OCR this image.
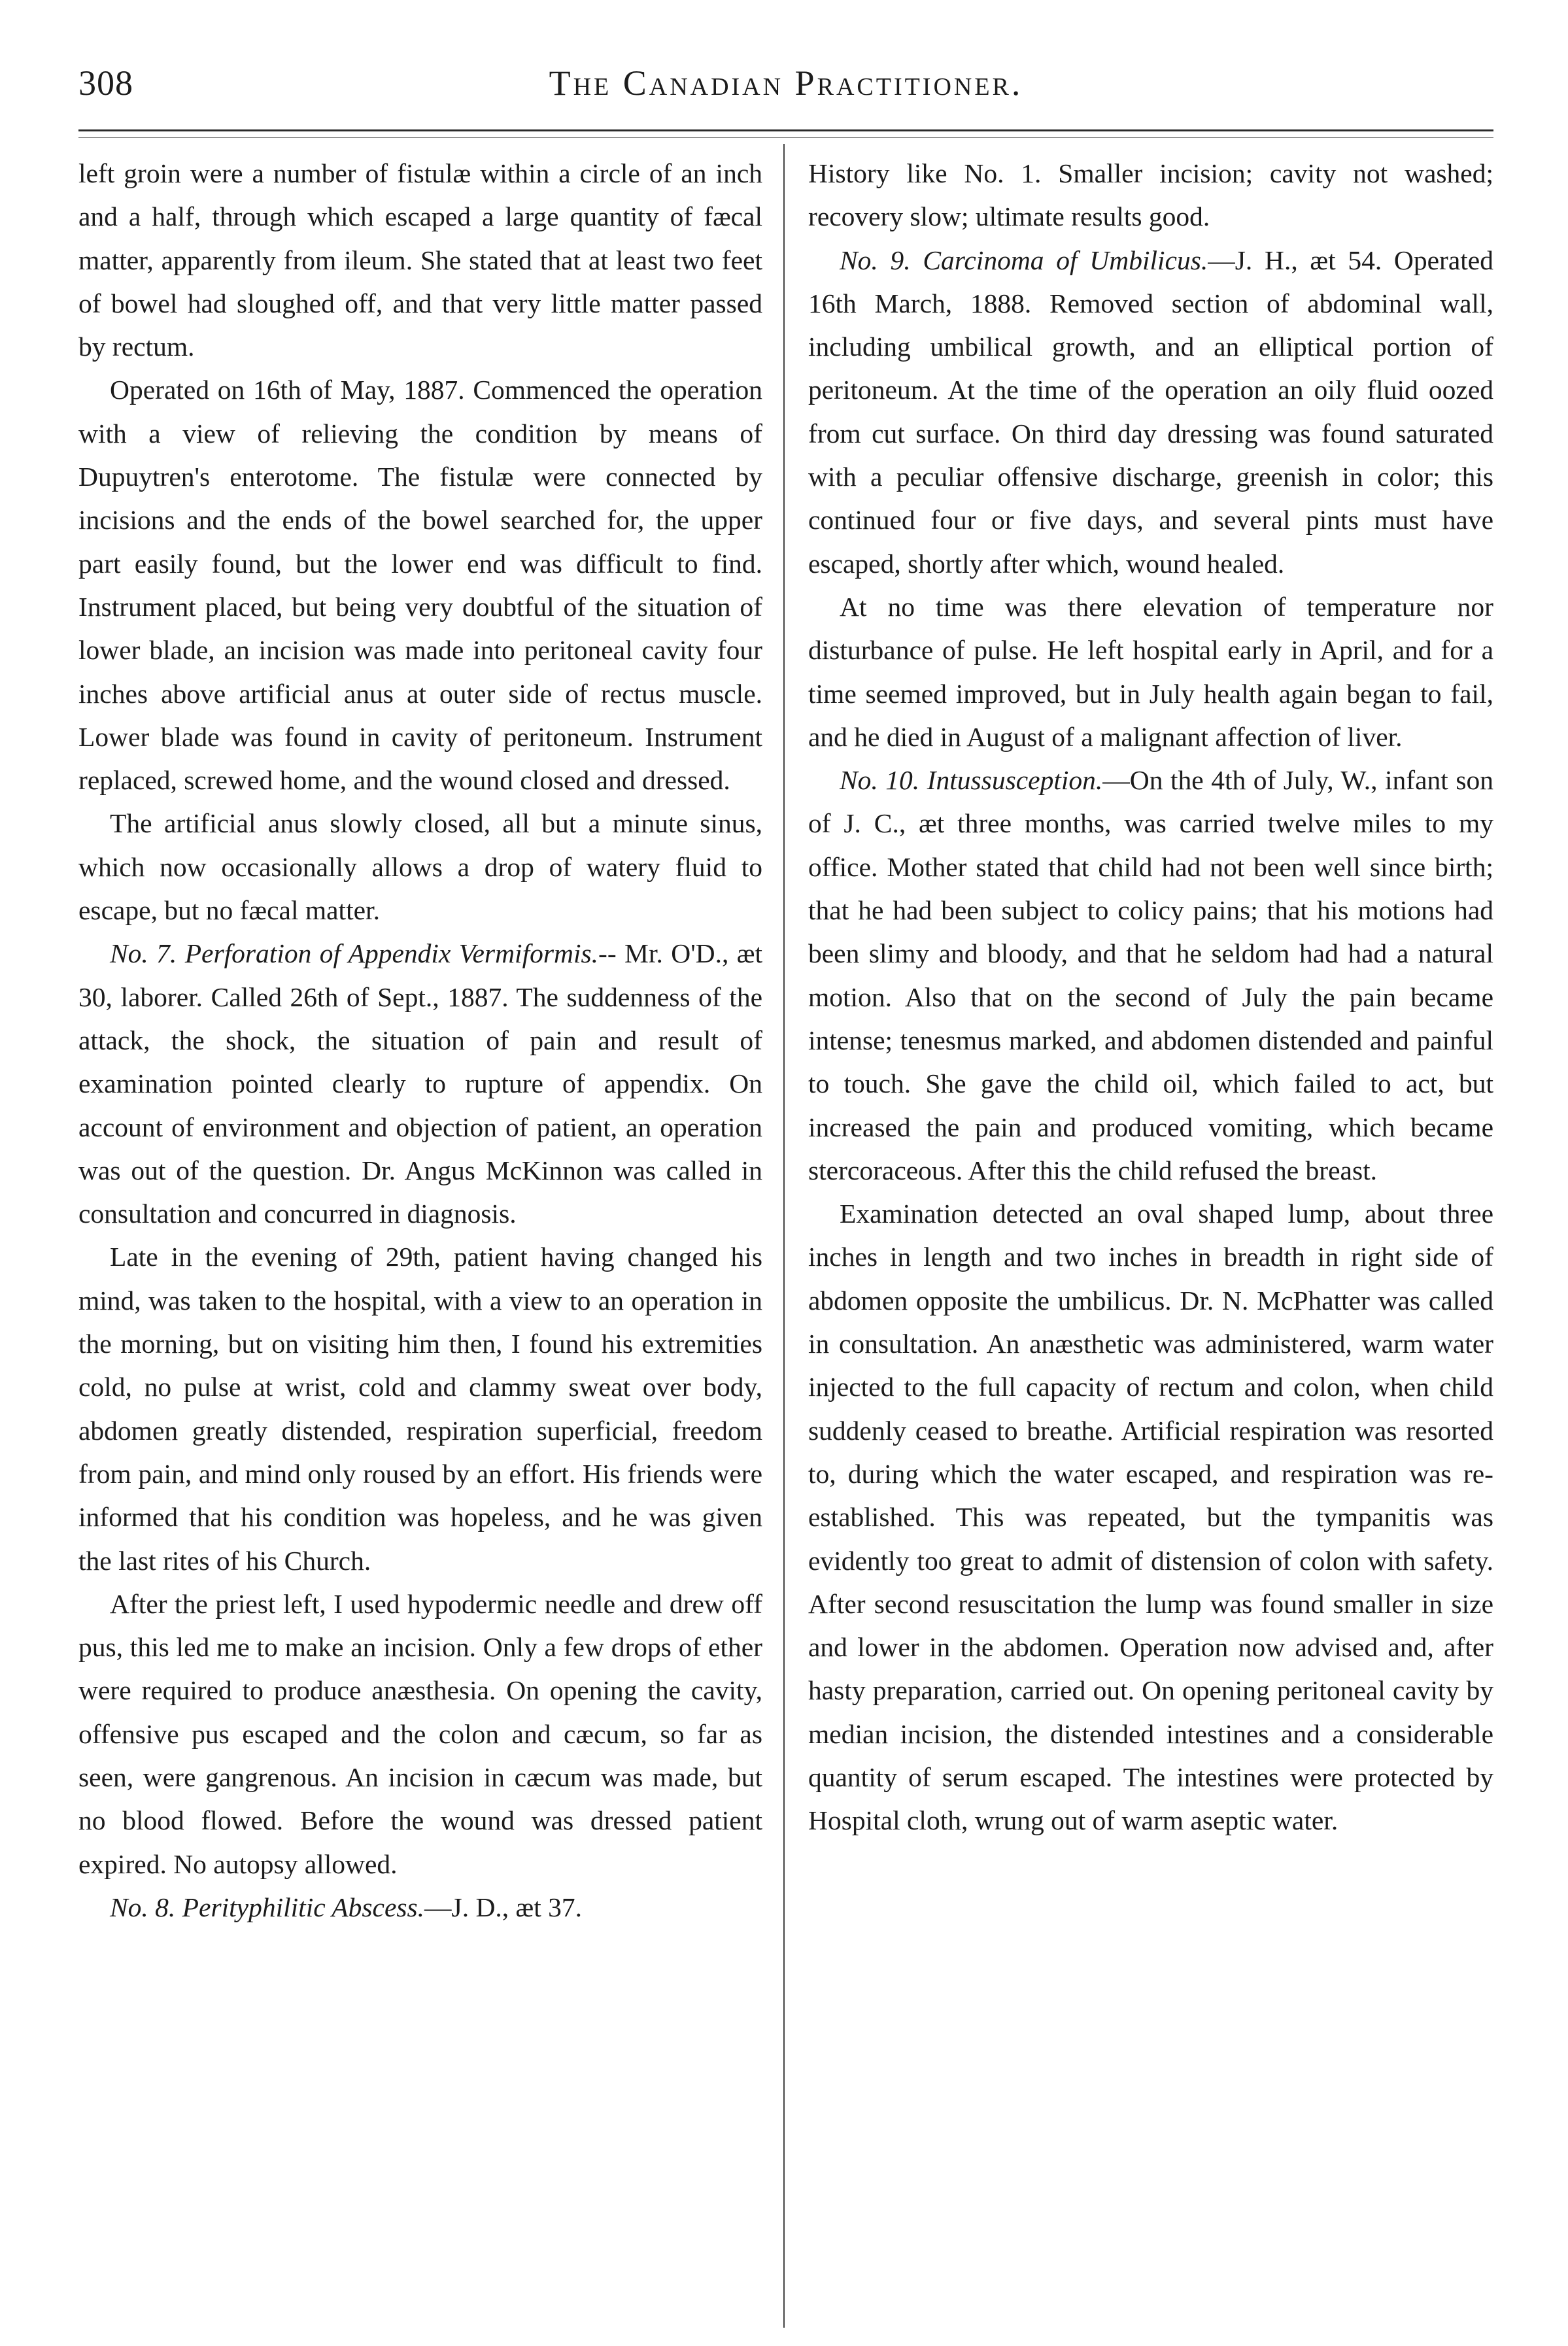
308	The Canadian Practitioner.

left groin were a number of fistulæ within a circle of an inch and a half, through which escaped a large quantity of fæcal matter, apparently from ileum. She stated that at least two feet of bowel had sloughed off, and that very little matter passed by rectum.

Operated on 16th of May, 1887. Commenced the operation with a view of relieving the condition by means of Dupuytren's enterotome. The fistulæ were connected by incisions and the ends of the bowel searched for, the upper part easily found, but the lower end was difficult to find. Instrument placed, but being very doubtful of the situation of lower blade, an incision was made into peritoneal cavity four inches above artificial anus at outer side of rectus muscle. Lower blade was found in cavity of peritoneum. Instrument replaced, screwed home, and the wound closed and dressed.

The artificial anus slowly closed, all but a minute sinus, which now occasionally allows a drop of watery fluid to escape, but no fæcal matter.

No. 7. Perforation of Appendix Vermiformis.-- Mr. O'D., æt 30, laborer. Called 26th of Sept., 1887. The suddenness of the attack, the shock, the situation of pain and result of examination pointed clearly to rupture of appendix. On account of environment and objection of patient, an operation was out of the question. Dr. Angus McKinnon was called in consultation and concurred in diagnosis.

Late in the evening of 29th, patient having changed his mind, was taken to the hospital, with a view to an operation in the morning, but on visiting him then, I found his extremities cold, no pulse at wrist, cold and clammy sweat over body, abdomen greatly distended, respiration superficial, freedom from pain, and mind only roused by an effort. His friends were informed that his condition was hopeless, and he was given the last rites of his Church.

After the priest left, I used hypodermic needle and drew off pus, this led me to make an incision. Only a few drops of ether were required to produce anæsthesia. On opening the cavity, offensive pus escaped and the colon and cæcum, so far as seen, were gangrenous. An incision in cæcum was made, but no blood flowed. Before the wound was dressed patient expired. No autopsy allowed.

No. 8. Perityphilitic Abscess.—J. D., æt 37.

History like No. 1. Smaller incision; cavity not washed; recovery slow; ultimate results good.

No. 9. Carcinoma of Umbilicus.—J. H., æt 54. Operated 16th March, 1888. Removed section of abdominal wall, including umbilical growth, and an elliptical portion of peritoneum. At the time of the operation an oily fluid oozed from cut surface. On third day dressing was found saturated with a peculiar offensive discharge, greenish in color; this continued four or five days, and several pints must have escaped, shortly after which, wound healed.

At no time was there elevation of temperature nor disturbance of pulse. He left hospital early in April, and for a time seemed improved, but in July health again began to fail, and he died in August of a malignant affection of liver.

No. 10. Intussusception.—On the 4th of July, W., infant son of J. C., æt three months, was carried twelve miles to my office. Mother stated that child had not been well since birth; that he had been subject to colicy pains; that his motions had been slimy and bloody, and that he seldom had had a natural motion. Also that on the second of July the pain became intense; tenesmus marked, and abdomen distended and painful to touch. She gave the child oil, which failed to act, but increased the pain and produced vomiting, which became stercoraceous. After this the child refused the breast.

Examination detected an oval shaped lump, about three inches in length and two inches in breadth in right side of abdomen opposite the umbilicus. Dr. N. McPhatter was called in consultation. An anæsthetic was administered, warm water injected to the full capacity of rectum and colon, when child suddenly ceased to breathe. Artificial respiration was resorted to, during which the water escaped, and respiration was re-established. This was repeated, but the tympanitis was evidently too great to admit of distension of colon with safety. After second resuscitation the lump was found smaller in size and lower in the abdomen. Operation now advised and, after hasty preparation, carried out. On opening peritoneal cavity by median incision, the distended intestines and a considerable quantity of serum escaped. The intestines were protected by Hospital cloth, wrung out of warm aseptic water.
